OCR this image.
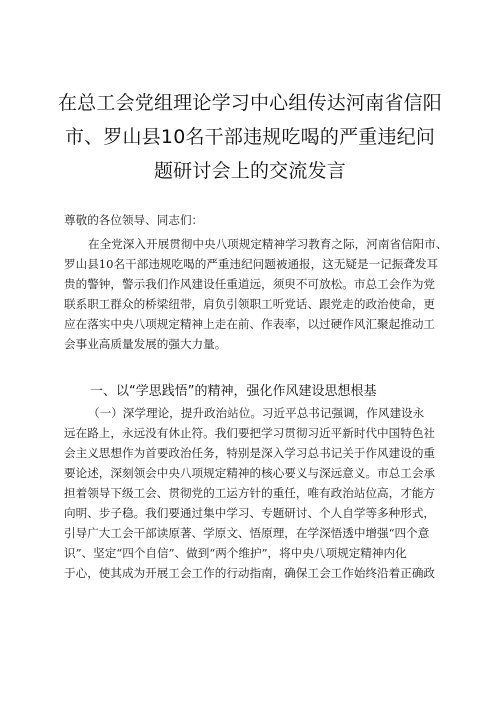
在总工会党组理论学习中心组传达河南省信阳
市、罗山县10名干部违规吃喝的严重违纪问
题研讨会上的交流发言

尊敬的各位领导、同志们：

在全党深入开展贯彻中央八项规定精神学习教育之际，河南省信阳市、
罗山县10名干部违规吃喝的严重违纪问题被通报，这无疑是一记振聋发耳
贵的警钟，警示我们作风建设任重道远，须臾不可放松。市总工会作为党
联系职工群众的桥梁纽带，肩负引领职工听党话、跟党走的政治使命，更
应在落实中央八项规定精神上走在前、作表率，以过硬作风汇聚起推动工
会事业高质量发展的强大力量。

一、以“学思践悟”的精神，强化作风建设思想根基

（一）深学理论，提升政治站位。习近平总书记强调，作风建设永
远在路上，永远没有休止符。我们要把学习贯彻习近平新时代中国特色社
会主义思想作为首要政治任务，特别是深入学习总书记关于作风建设的重
要论述，深刻领会中央八项规定精神的核心要义与深远意义。市总工会承
担着领导下级工会、贯彻党的工运方针的重任，唯有政治站位高，才能方
向明、步子稳。我们要通过集中学习、专题研讨、个人自学等多种形式，
引导广大工会干部读原著、学原文、悟原理，在学深悟透中增强“四个意
识”、坚定“四个自信”、做到“两个维护”，将中央八项规定精神内化
于心，使其成为开展工会工作的行动指南，确保工会工作始终沿着正确政
